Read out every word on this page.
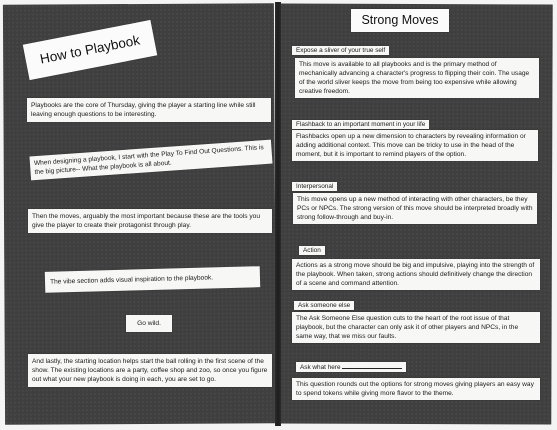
How to Playbook

Playbooks are the core of Thursday, giving the player a starting line while still leaving enough questions to be interesting.

When designing a playbook, I start with the Play To Find Out Questions. This is the big picture-- What the playbook is all about.

Then the moves, arguably the most important because these are the tools you give the player to create their protagonist through play.

The vibe section adds visual inspiration to the playbook.

Go wild.

And lastly, the starting location helps start the ball rolling in the first scene of the show. The existing locations are a party, coffee shop and zoo, so once you figure out what your new playbook is doing in each, you are set to go.

Strong Moves
Expose a sliver of your true self

This move is available to all playbooks and is the primary method of mechanically advancing a character's progress to flipping their coin. The usage of the world sliver keeps the move from being too expensive while allowing creative freedom.

Flashback to an important moment in your life

Flashbacks open up a new dimension to characters by revealing information or adding additional context. This move can be tricky to use in the head of the moment, but it is important to remind players of the option.

Interpersonal

This move opens up a new method of interacting with other characters, be they PCs or NPCs. The strong version of this move should be interpreted broadly with strong follow-through and buy-in.

Action

Actions as a strong move should be big and impulsive, playing into the strength of the playbook. When taken, strong actions should definitively change the direction of a scene and command attention.

Ask someone else

The Ask Someone Else question cuts to the heart of the root issue of that playbook, but the character can only ask it of other players and NPCs, in the same way, that we miss our faults.

Ask what here

This question rounds out the options for strong moves giving players an easy way to spend tokens while giving more flavor to the theme.
